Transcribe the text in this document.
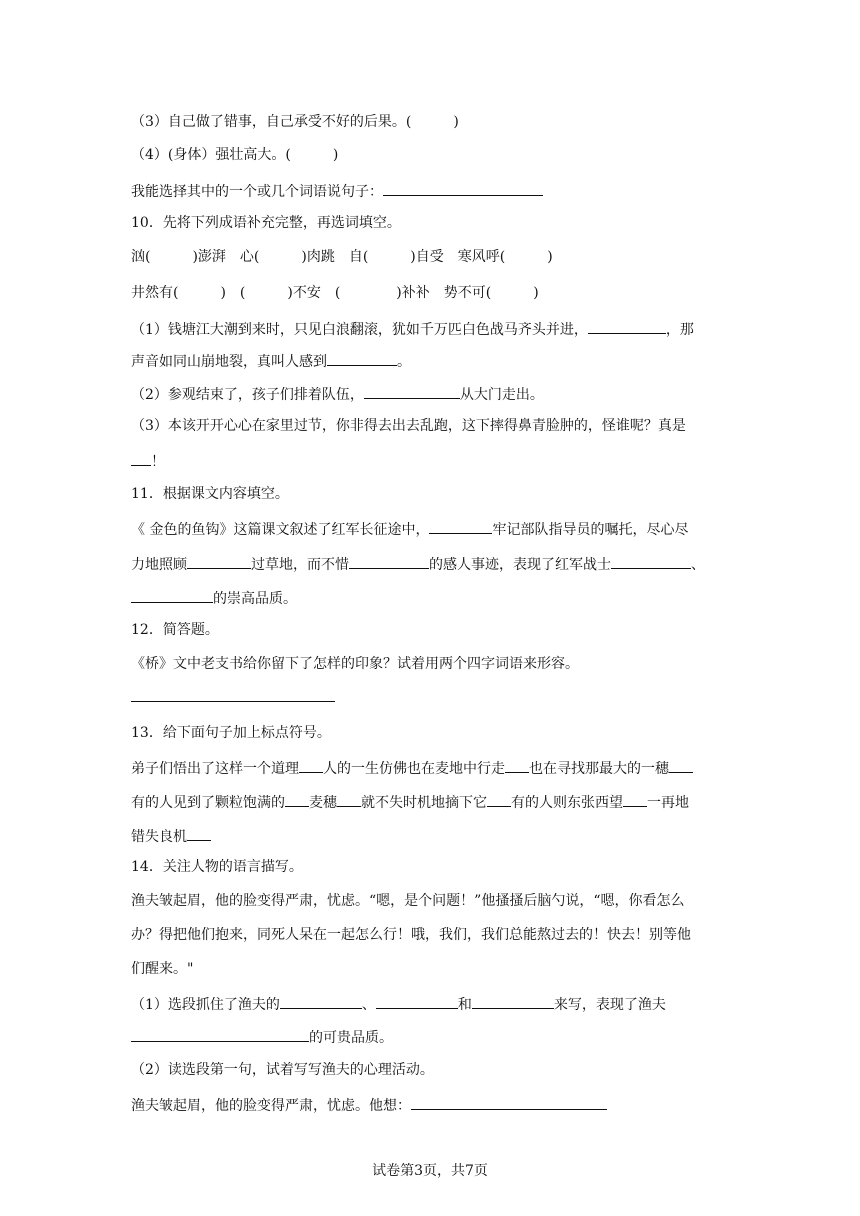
（3）自己做了错事，自己承受不好的后果。(　　　)
（4）(身体）强壮高大。(　　　)
我能选择其中的一个或几个词语说句子：
10．先将下列成语补充完整，再选词填空。
汹(　　　)澎湃　心(　　　)肉跳　自(　　　)自受　寒风呼(　　　)
井然有(　　　)　(　　　)不安　(　　　　)补补　势不可(　　　)
（1）钱塘江大潮到来时，只见白浪翻滚，犹如千万匹白色战马齐头并进，	，那
声音如同山崩地裂，真叫人感到	。
（2）参观结束了，孩子们排着队伍，	从大门走出。
（3）本该开开心心在家里过节，你非得去出去乱跑，这下摔得鼻青脸肿的，怪谁呢？真是
！
11．根据课文内容填空。
《 金色的鱼钩》这篇课文叙述了红军长征途中，	牢记部队指导员的嘱托，尽心尽
力地照顾	过草地，而不惜	的感人事迹，表现了红军战士	、
的崇高品质。
12．简答题。
《桥》文中老支书给你留下了怎样的印象？试着用两个四字词语来形容。
13．给下面句子加上标点符号。
弟子们悟出了这样一个道理 人的一生仿佛也在麦地中行走 也在寻找那最大的一穗
有的人见到了颗粒饱满的 麦穗 就不失时机地摘下它 有的人则东张西望 一再地
错失良机
14．关注人物的语言描写。
渔夫皱起眉，他的脸变得严肃，忧虑。“嗯，是个问题！”他搔搔后脑勺说，“嗯，你看怎么
办？得把他们抱来，同死人呆在一起怎么行！哦，我们，我们总能熬过去的！快去！别等他
们醒来。"
（1）选段抓住了渔夫的	、	和	来写，表现了渔夫
的可贵品质。
（2）读选段第一句，试着写写渔夫的心理活动。
渔夫皱起眉，他的脸变得严肃，忧虑。他想：
试卷第3页，共7页
